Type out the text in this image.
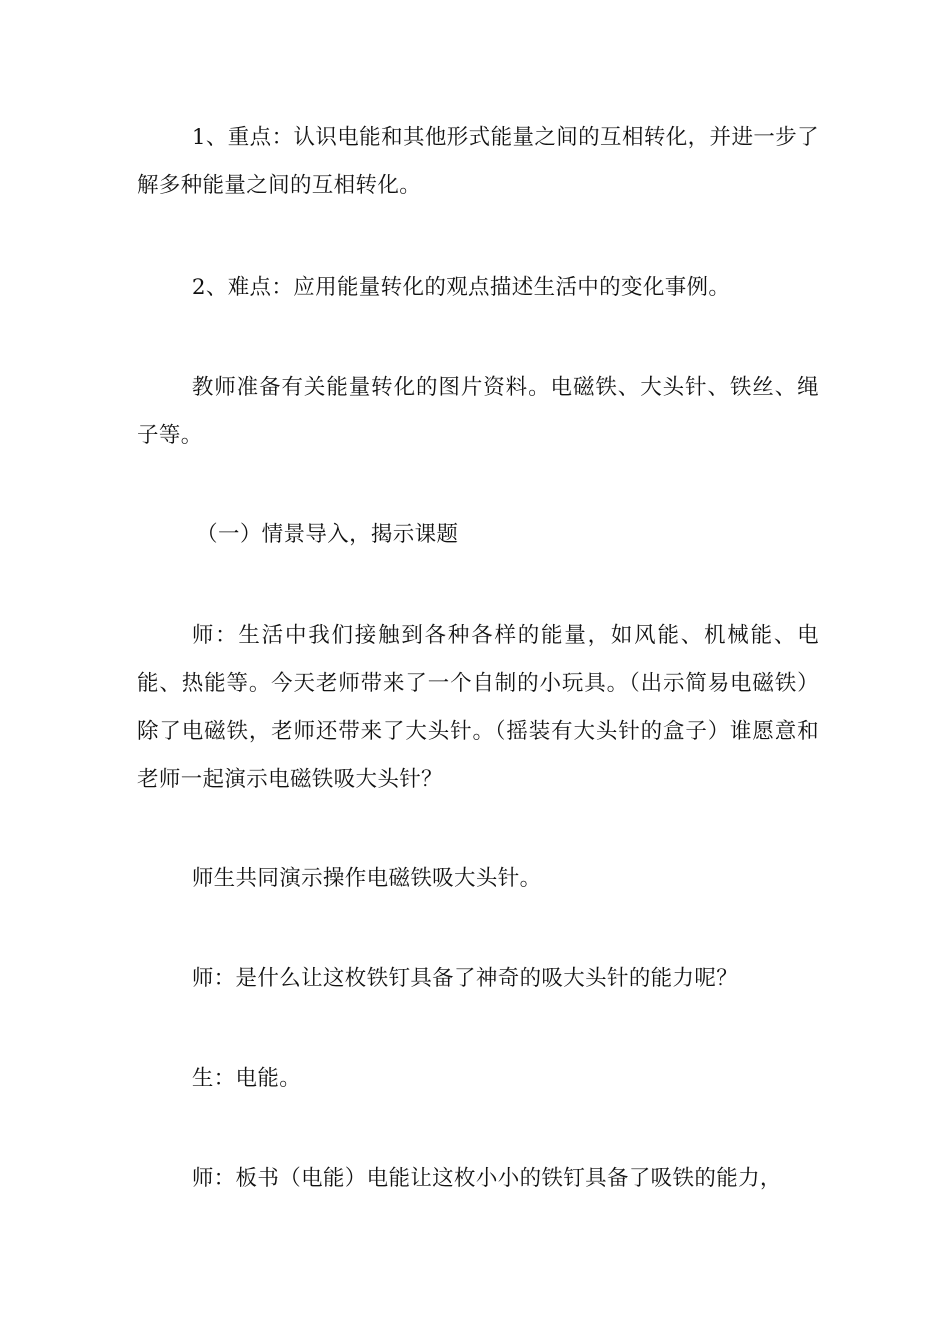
1、重点：认识电能和其他形式能量之间的互相转化，并进一步了解多种能量之间的互相转化。

2、难点：应用能量转化的观点描述生活中的变化事例。

教师准备有关能量转化的图片资料。电磁铁、大头针、铁丝、绳子等。

（一）情景导入，揭示课题

师：生活中我们接触到各种各样的能量，如风能、机械能、电能、热能等。今天老师带来了一个自制的小玩具。（出示简易电磁铁）除了电磁铁，老师还带来了大头针。（摇装有大头针的盒子）谁愿意和老师一起演示电磁铁吸大头针？

师生共同演示操作电磁铁吸大头针。

师：是什么让这枚铁钉具备了神奇的吸大头针的能力呢？

生：电能。

师：板书（电能）电能让这枚小小的铁钉具备了吸铁的能力，
